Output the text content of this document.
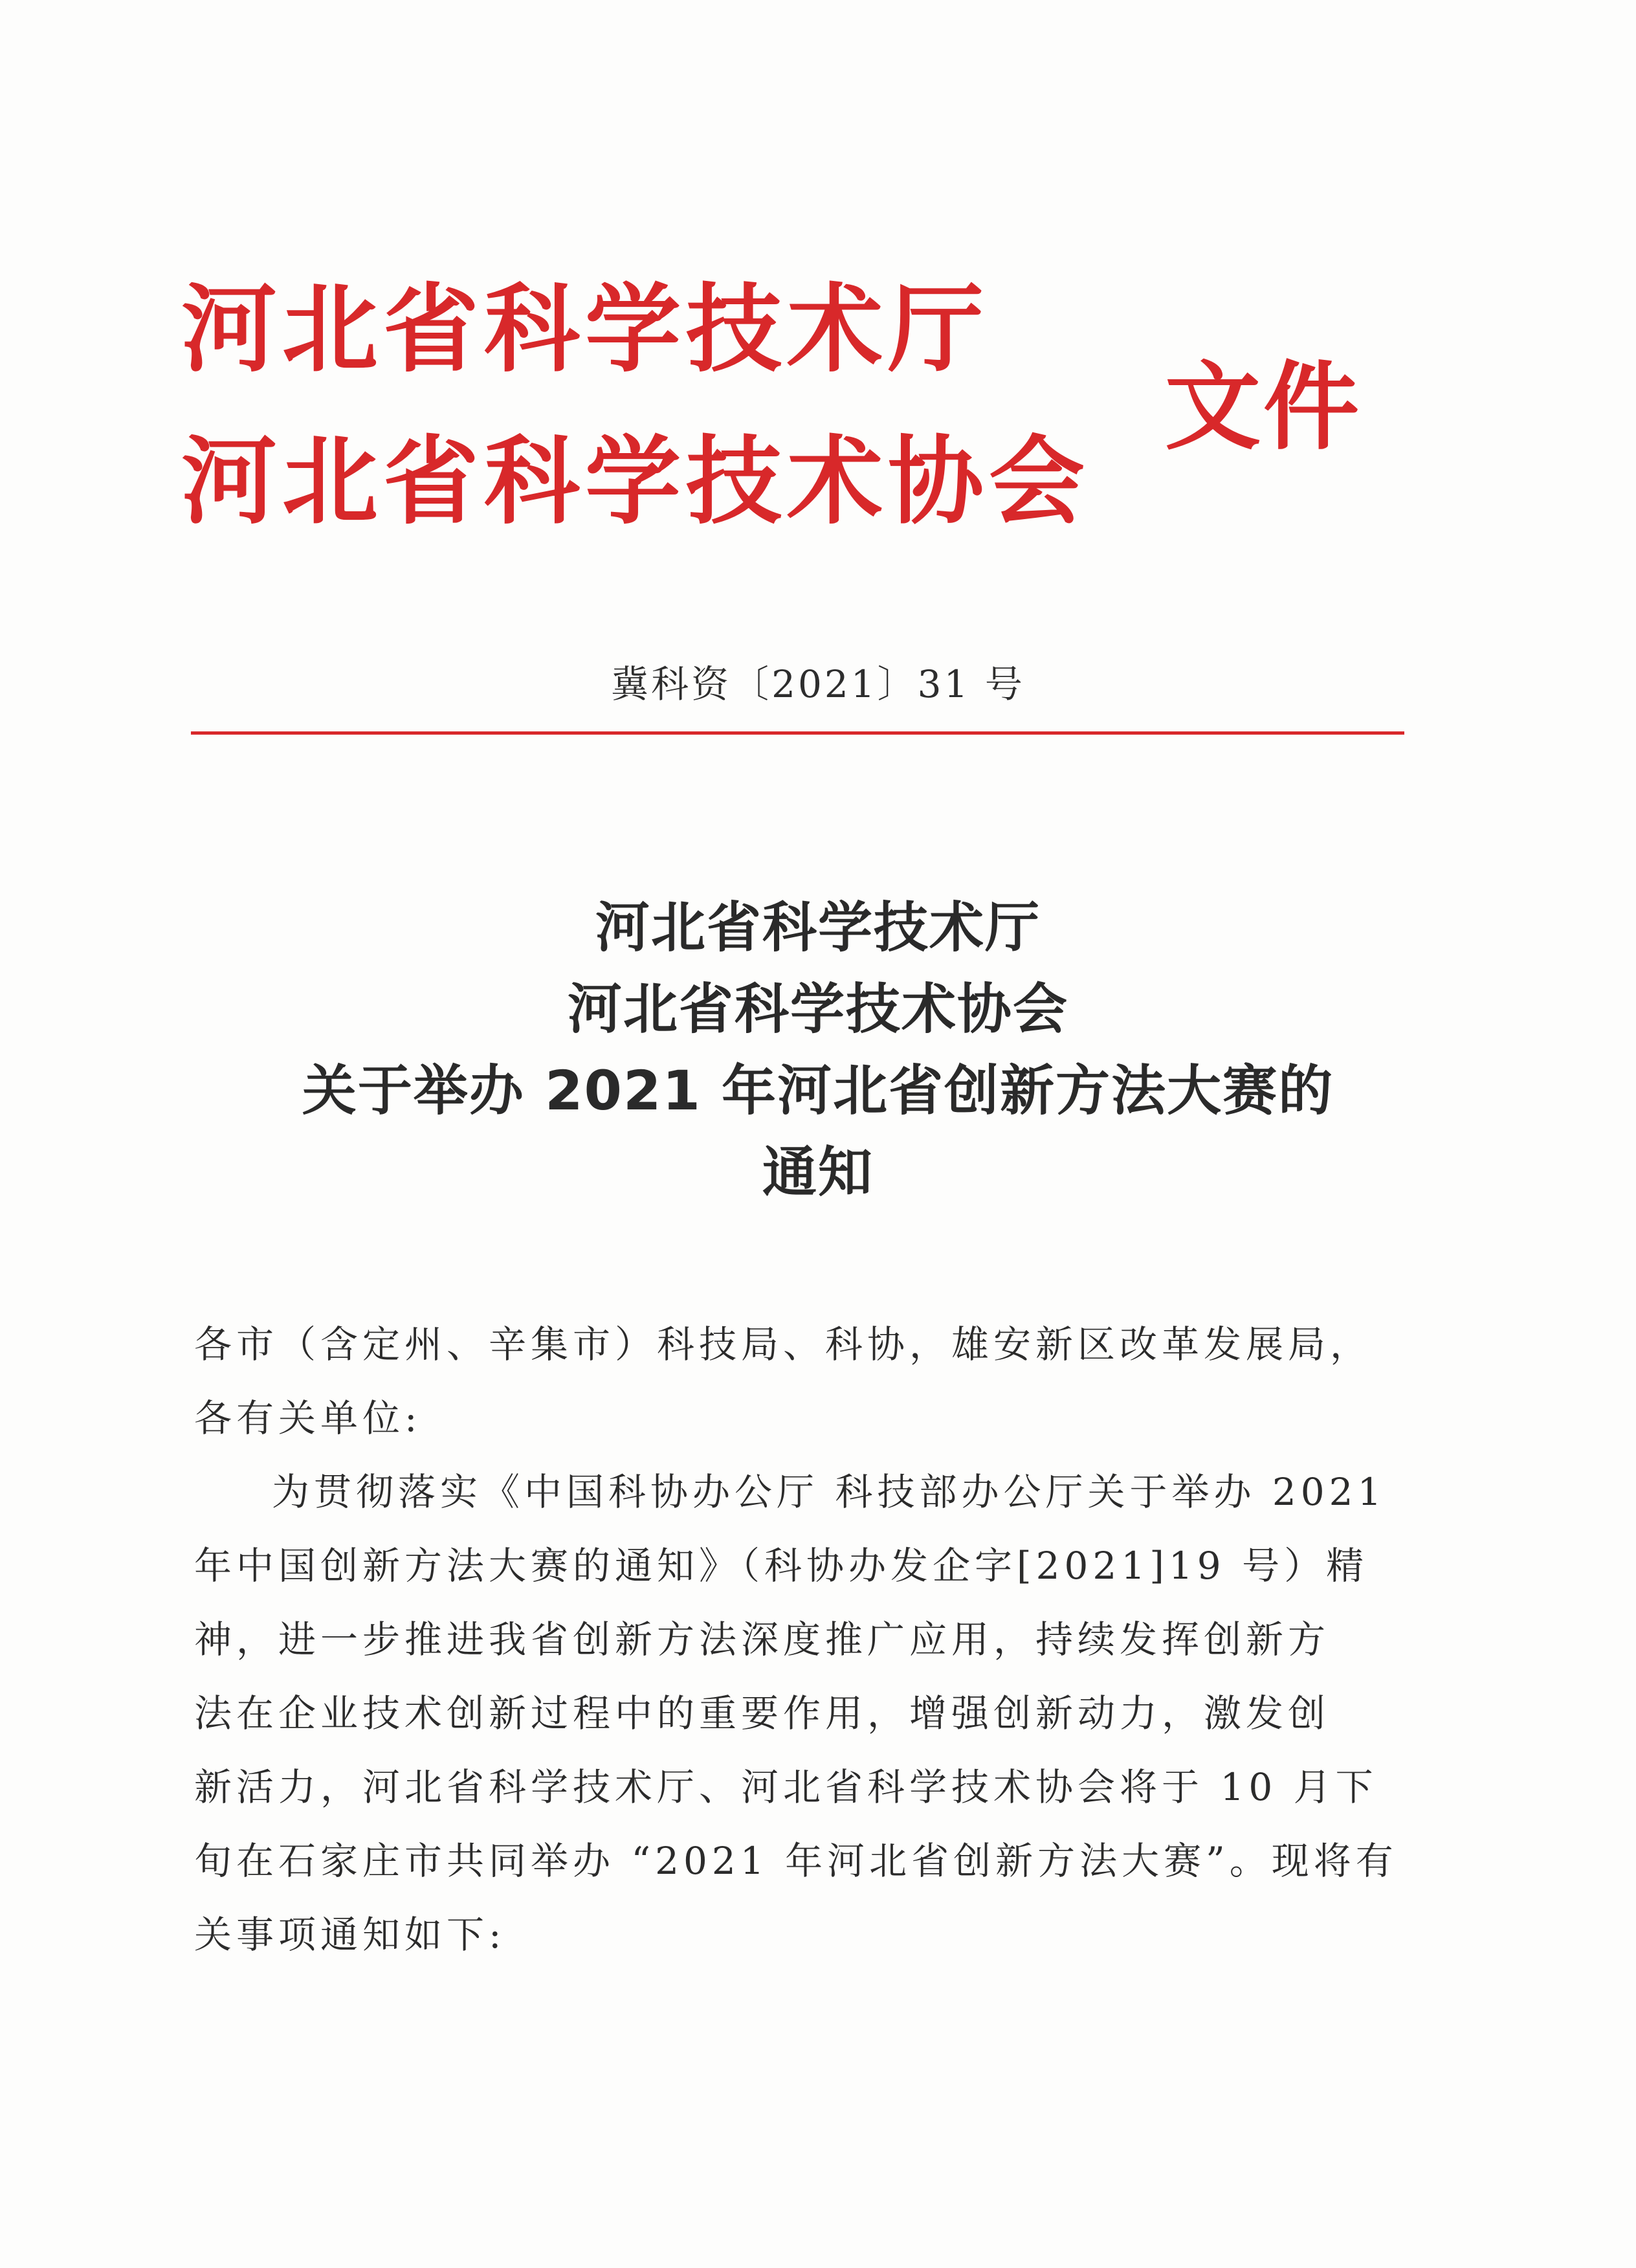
河北省科学技术厅
河北省科学技术协会
文件
冀科资〔2021〕31 号
河北省科学技术厅
河北省科学技术协会
关于举办 2021 年河北省创新方法大赛的
通知

各市（含定州、辛集市）科技局、科协，雄安新区改革发展局，
各有关单位:

为贯彻落实《中国科协办公厅 科技部办公厅关于举办 2021
年中国创新方法大赛的通知》（科协办发企字[2021]19 号）精
神，进一步推进我省创新方法深度推广应用，持续发挥创新方
法在企业技术创新过程中的重要作用，增强创新动力，激发创
新活力，河北省科学技术厅、河北省科学技术协会将于 10 月下
旬在石家庄市共同举办 “2021 年河北省创新方法大赛”。现将有
关事项通知如下:
